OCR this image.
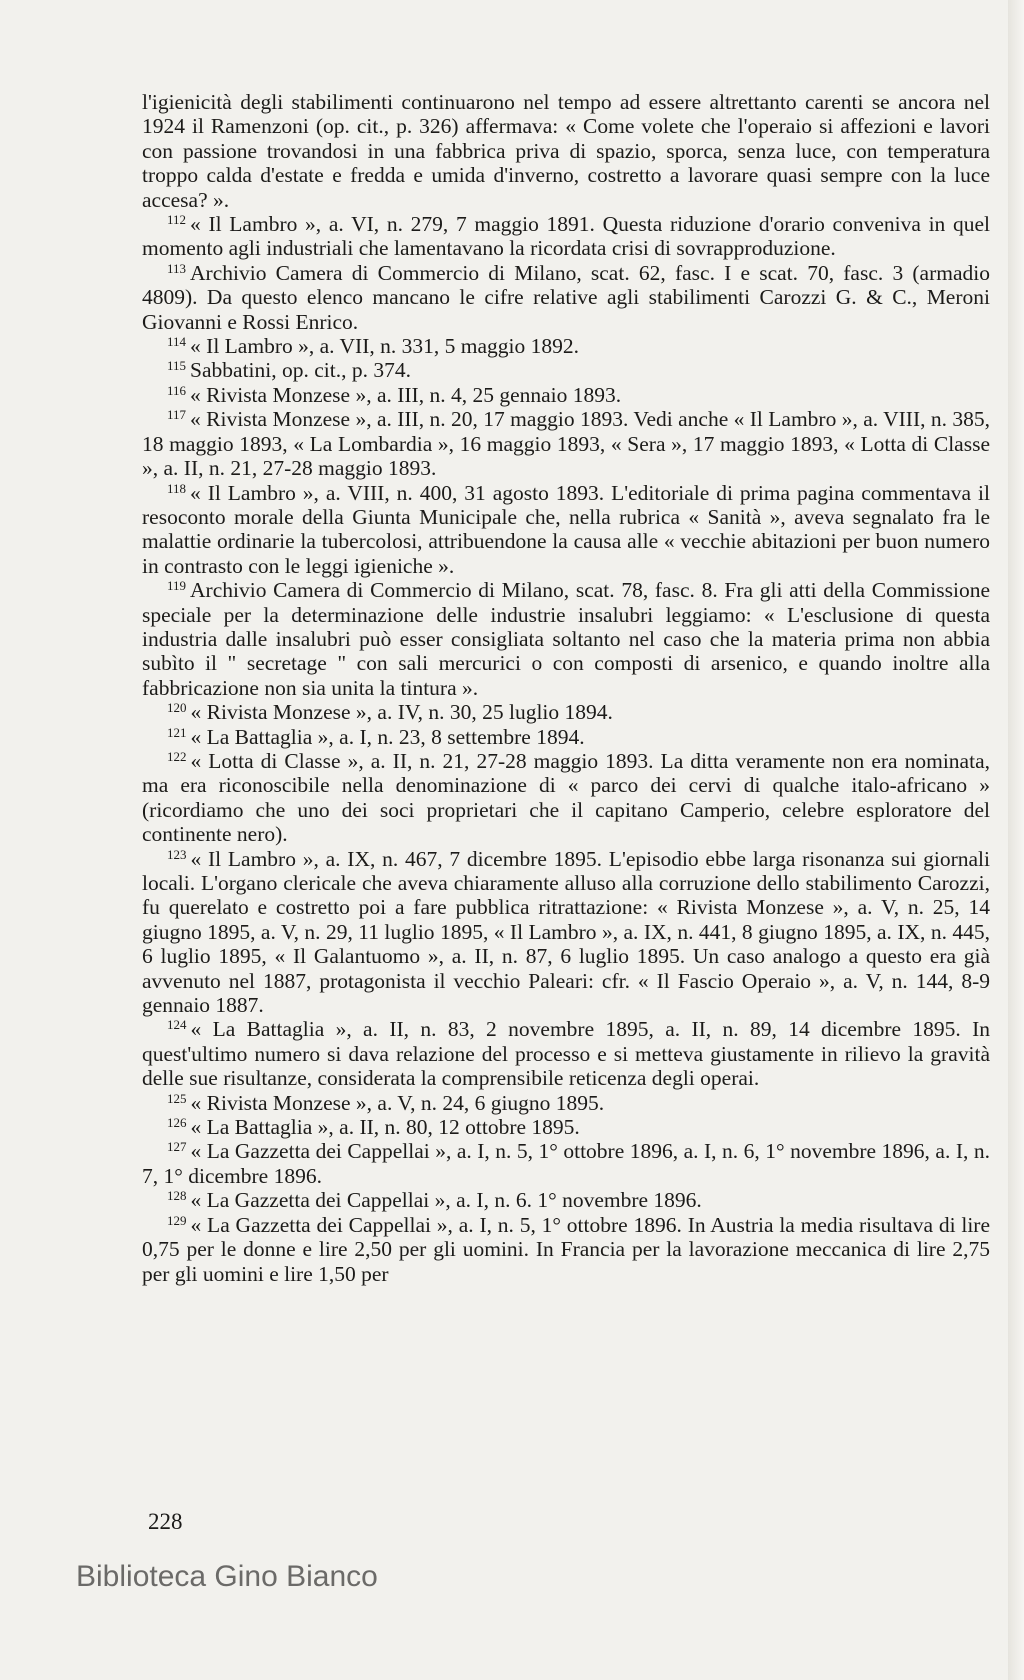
l'igienicità degli stabilimenti continuarono nel tempo ad essere altrettanto carenti se ancora nel 1924 il Ramenzoni (op. cit., p. 326) affermava: « Come volete che l'operaio si affezioni e lavori con passione trovandosi in una fabbrica priva di spazio, sporca, senza luce, con temperatura troppo calda d'estate e fredda e umida d'inverno, costretto a lavorare quasi sempre con la luce accesa? ».

$^{112}$ « Il Lambro », a. VI, n. 279, 7 maggio 1891. Questa riduzione d'orario conveniva in quel momento agli industriali che lamentavano la ricordata crisi di sovrapproduzione.

$^{113}$ Archivio Camera di Commercio di Milano, scat. 62, fasc. I e scat. 70, fasc. 3 (armadio 4809). Da questo elenco mancano le cifre relative agli stabilimenti Carozzi G. & C., Meroni Giovanni e Rossi Enrico.

$^{114}$ « Il Lambro », a. VII, n. 331, 5 maggio 1892.

$^{115}$ Sabbatini, op. cit., p. 374.

$^{116}$ « Rivista Monzese », a. III, n. 4, 25 gennaio 1893.

$^{117}$ « Rivista Monzese », a. III, n. 20, 17 maggio 1893. Vedi anche « Il Lambro », a. VIII, n. 385, 18 maggio 1893, « La Lombardia », 16 maggio 1893, « Sera », 17 maggio 1893, « Lotta di Classe », a. II, n. 21, 27-28 maggio 1893.

$^{118}$ « Il Lambro », a. VIII, n. 400, 31 agosto 1893. L'editoriale di prima pagina commentava il resoconto morale della Giunta Municipale che, nella rubrica « Sanità », aveva segnalato fra le malattie ordinarie la tubercolosi, attribuendone la causa alle « vecchie abitazioni per buon numero in contrasto con le leggi igieniche ».

$^{119}$ Archivio Camera di Commercio di Milano, scat. 78, fasc. 8. Fra gli atti della Commissione speciale per la determinazione delle industrie insalubri leggiamo: « L'esclusione di questa industria dalle insalubri può esser consigliata soltanto nel caso che la materia prima non abbia subìto il " secretage " con sali mercurici o con composti di arsenico, e quando inoltre alla fabbricazione non sia unita la tintura ».

$^{120}$ « Rivista Monzese », a. IV, n. 30, 25 luglio 1894.

$^{121}$ « La Battaglia », a. I, n. 23, 8 settembre 1894.

$^{122}$ « Lotta di Classe », a. II, n. 21, 27-28 maggio 1893. La ditta veramente non era nominata, ma era riconoscibile nella denominazione di « parco dei cervi di qualche italo-africano » (ricordiamo che uno dei soci proprietari che il capitano Camperio, celebre esploratore del continente nero).

$^{123}$ « Il Lambro », a. IX, n. 467, 7 dicembre 1895. L'episodio ebbe larga risonanza sui giornali locali. L'organo clericale che aveva chiaramente alluso alla corruzione dello stabilimento Carozzi, fu querelato e costretto poi a fare pubblica ritrattazione: « Rivista Monzese », a. V, n. 25, 14 giugno 1895, a. V, n. 29, 11 luglio 1895, « Il Lambro », a. IX, n. 441, 8 giugno 1895, a. IX, n. 445, 6 luglio 1895, « Il Galantuomo », a. II, n. 87, 6 luglio 1895. Un caso analogo a questo era già avvenuto nel 1887, protagonista il vecchio Paleari: cfr. « Il Fascio Operaio », a. V, n. 144, 8-9 gennaio 1887.

$^{124}$ « La Battaglia », a. II, n. 83, 2 novembre 1895, a. II, n. 89, 14 dicembre 1895. In quest'ultimo numero si dava relazione del processo e si metteva giustamente in rilievo la gravità delle sue risultanze, considerata la comprensibile reticenza degli operai.

$^{125}$ « Rivista Monzese », a. V, n. 24, 6 giugno 1895.

$^{126}$ « La Battaglia », a. II, n. 80, 12 ottobre 1895.

$^{127}$ « La Gazzetta dei Cappellai », a. I, n. 5, 1° ottobre 1896, a. I, n. 6, 1° novembre 1896, a. I, n. 7, 1° dicembre 1896.

$^{128}$ « La Gazzetta dei Cappellai », a. I, n. 6. 1° novembre 1896.

$^{129}$ « La Gazzetta dei Cappellai », a. I, n. 5, 1° ottobre 1896. In Austria la media risultava di lire 0,75 per le donne e lire 2,50 per gli uomini. In Francia per la lavorazione meccanica di lire 2,75 per gli uomini e lire 1,50 per

228
Biblioteca Gino Bianco
